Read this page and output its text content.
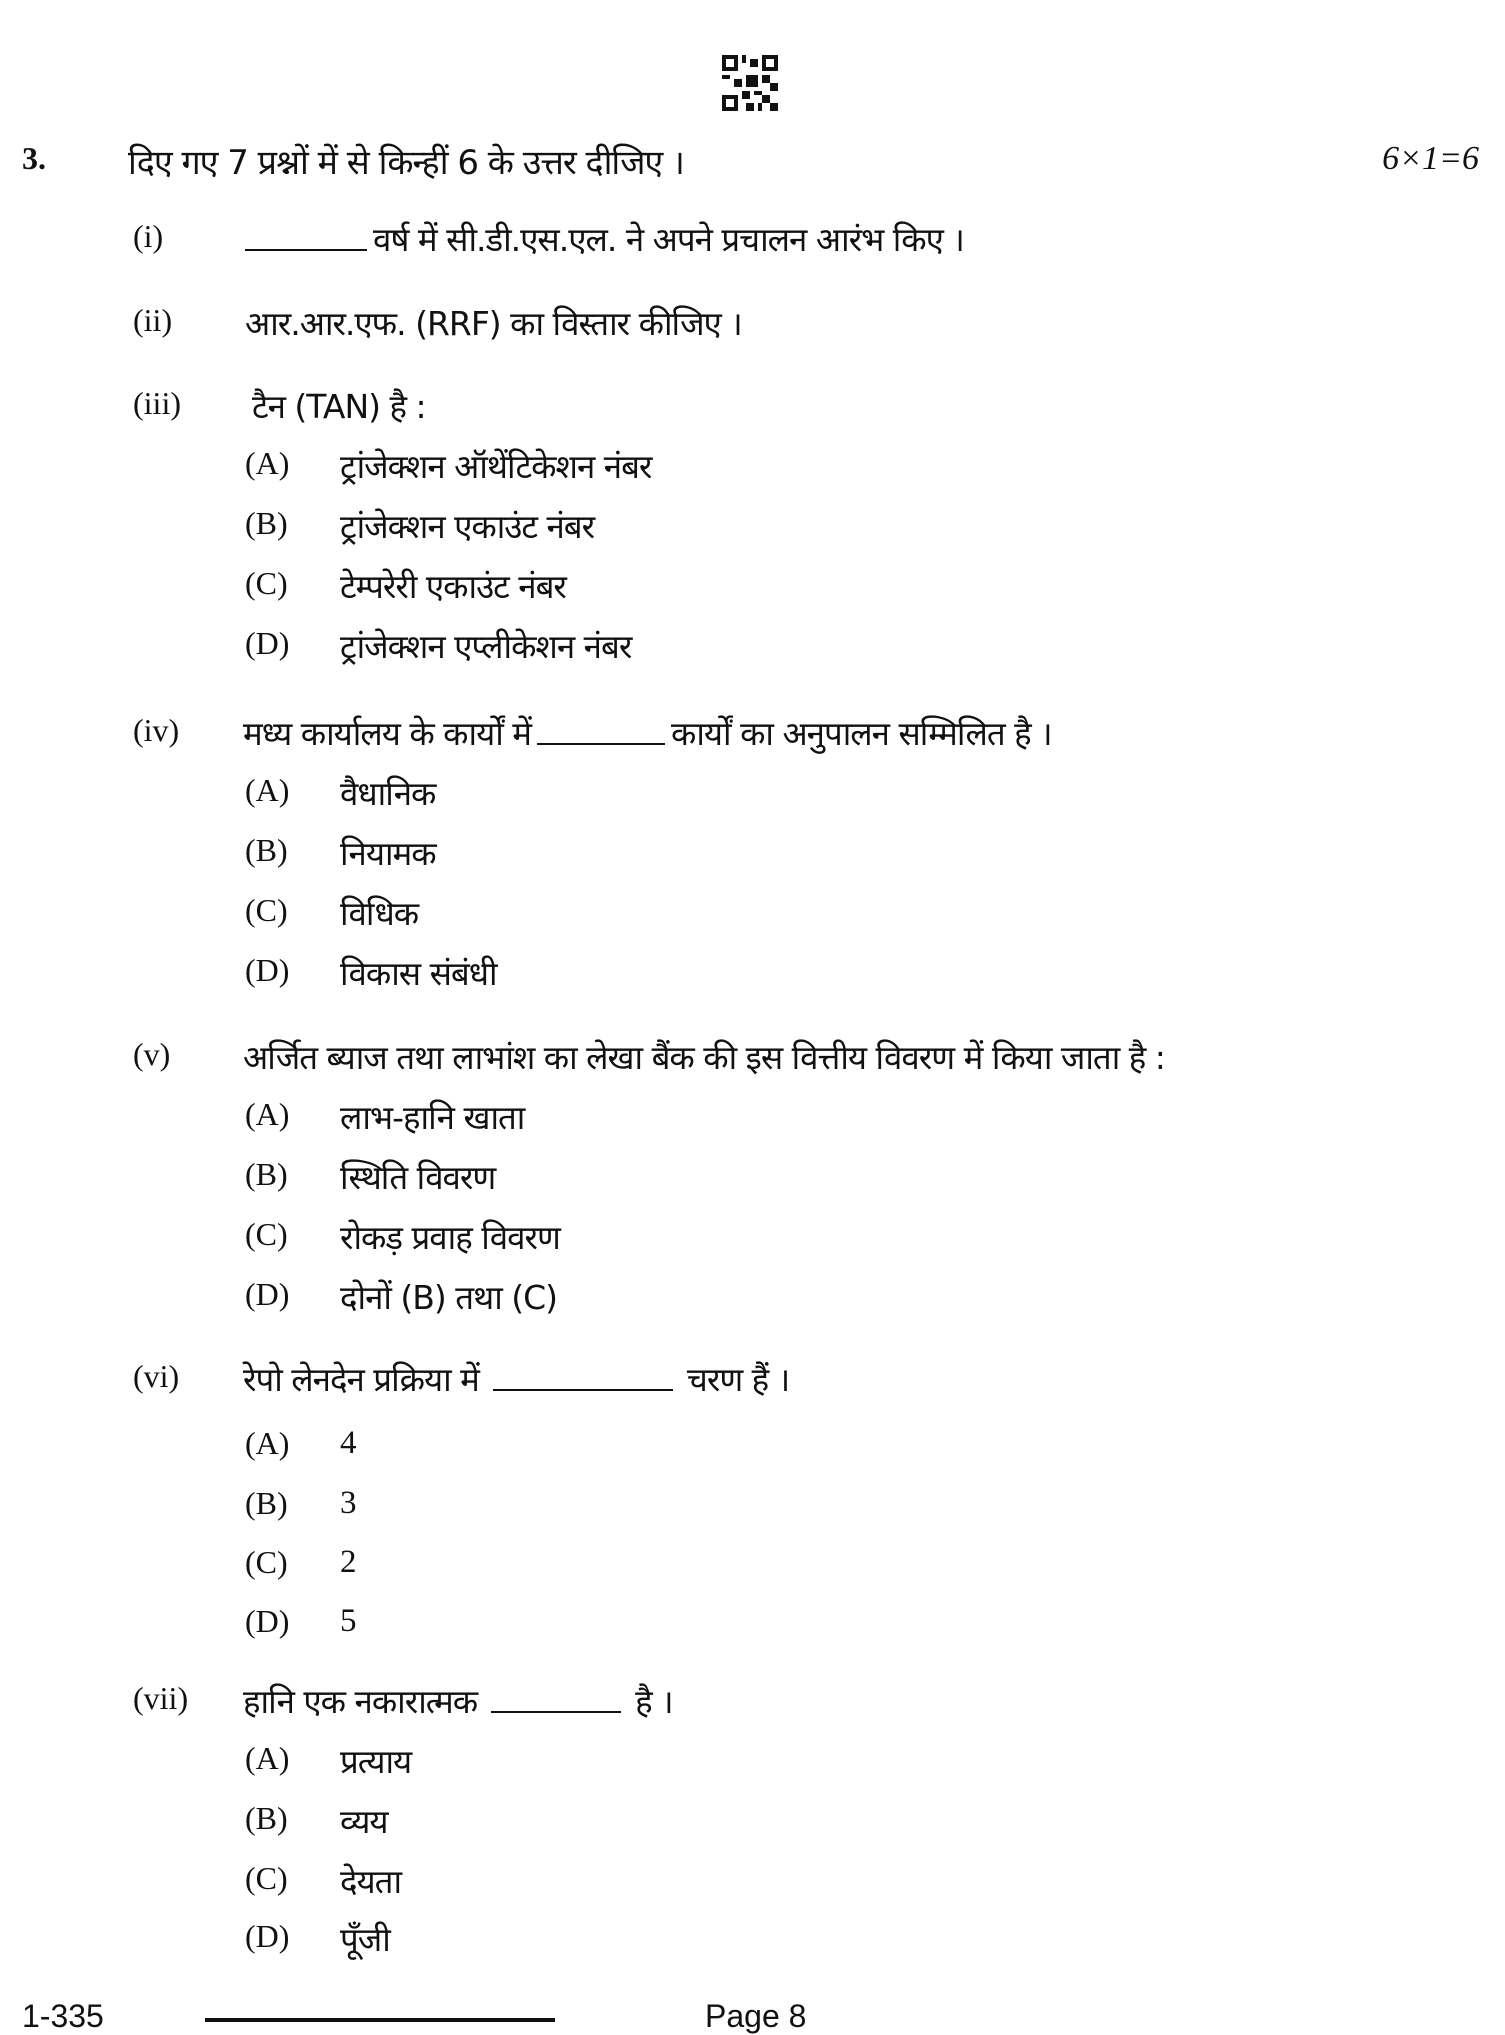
3. दिए गए 7 प्रश्नों में से किन्हीं 6 के उत्तर दीजिए ।	6×1=6
(i)	वर्ष में सी.डी.एस.एल. ने अपने प्रचालन आरंभ किए ।
(ii) आर.आर.एफ. (RRF) का विस्तार कीजिए ।
(iii) टैन (TAN) है :
(A) ट्रांजेक्शन ऑथेंटिकेशन नंबर
(B) ट्रांजेक्शन एकाउंट नंबर
(C) टेम्परेरी एकाउंट नंबर
(D) ट्रांजेक्शन एप्लीकेशन नंबर
(iv) मध्य कार्यालय के कार्यों में	कार्यों का अनुपालन सम्मिलित है ।
(A) वैधानिक
(B) नियामक
(C) विधिक
(D) विकास संबंधी
(v) अर्जित ब्याज तथा लाभांश का लेखा बैंक की इस वित्तीय विवरण में किया जाता है :
(A) लाभ-हानि खाता
(B) स्थिति विवरण
(C) रोकड़ प्रवाह विवरण
(D) दोनों (B) तथा (C)
(vi) रेपो लेनदेन प्रक्रिया में	चरण हैं ।
(A) 4
(B) 3
(C) 2
(D) 5
(vii) हानि एक नकारात्मक	है ।
(A) प्रत्याय
(B) व्यय
(C) देयता
(D) पूँजी
1-335	Page 8
